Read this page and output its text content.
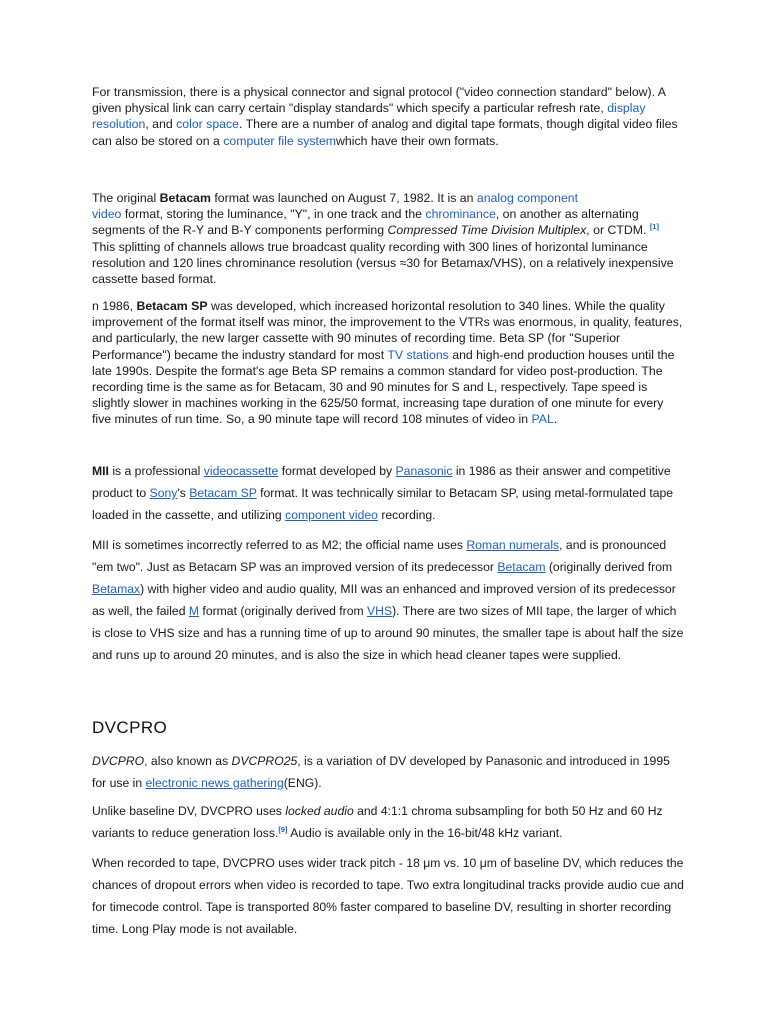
For transmission, there is a physical connector and signal protocol ("video connection standard" below). A given physical link can carry certain "display standards" which specify a particular refresh rate, display resolution, and color space. There are a number of analog and digital tape formats, though digital video files can also be stored on a computer file systemwhich have their own formats.

The original Betacam format was launched on August 7, 1982. It is an analog component
video format, storing the luminance, "Y", in one track and the chrominance, on another as alternating segments of the R-Y and B-Y components performing Compressed Time Division Multiplex, or CTDM. [1] This splitting of channels allows true broadcast quality recording with 300 lines of horizontal luminance resolution and 120 lines chrominance resolution (versus ≈30 for Betamax/VHS), on a relatively inexpensive cassette based format.

n 1986, Betacam SP was developed, which increased horizontal resolution to 340 lines. While the quality improvement of the format itself was minor, the improvement to the VTRs was enormous, in quality, features, and particularly, the new larger cassette with 90 minutes of recording time. Beta SP (for "Superior Performance") became the industry standard for most TV stations and high-end production houses until the late 1990s. Despite the format's age Beta SP remains a common standard for video post-production. The recording time is the same as for Betacam, 30 and 90 minutes for S and L, respectively. Tape speed is slightly slower in machines working in the 625/50 format, increasing tape duration of one minute for every five minutes of run time. So, a 90 minute tape will record 108 minutes of video in PAL.

MII is a professional videocassette format developed by Panasonic in 1986 as their answer and competitive product to Sony's Betacam SP format. It was technically similar to Betacam SP, using metal-formulated tape loaded in the cassette, and utilizing component video recording.

MII is sometimes incorrectly referred to as M2; the official name uses Roman numerals, and is pronounced "em two". Just as Betacam SP was an improved version of its predecessor Betacam (originally derived from Betamax) with higher video and audio quality, MII was an enhanced and improved version of its predecessor as well, the failed M format (originally derived from VHS). There are two sizes of MII tape, the larger of which is close to VHS size and has a running time of up to around 90 minutes, the smaller tape is about half the size and runs up to around 20 minutes, and is also the size in which head cleaner tapes were supplied.

DVCPRO

DVCPRO, also known as DVCPRO25, is a variation of DV developed by Panasonic and introduced in 1995 for use in electronic news gathering(ENG).

Unlike baseline DV, DVCPRO uses locked audio and 4:1:1 chroma subsampling for both 50 Hz and 60 Hz variants to reduce generation loss.[9] Audio is available only in the 16-bit/48 kHz variant.

When recorded to tape, DVCPRO uses wider track pitch - 18 μm vs. 10 μm of baseline DV, which reduces the chances of dropout errors when video is recorded to tape. Two extra longitudinal tracks provide audio cue and for timecode control. Tape is transported 80% faster compared to baseline DV, resulting in shorter recording time. Long Play mode is not available.
